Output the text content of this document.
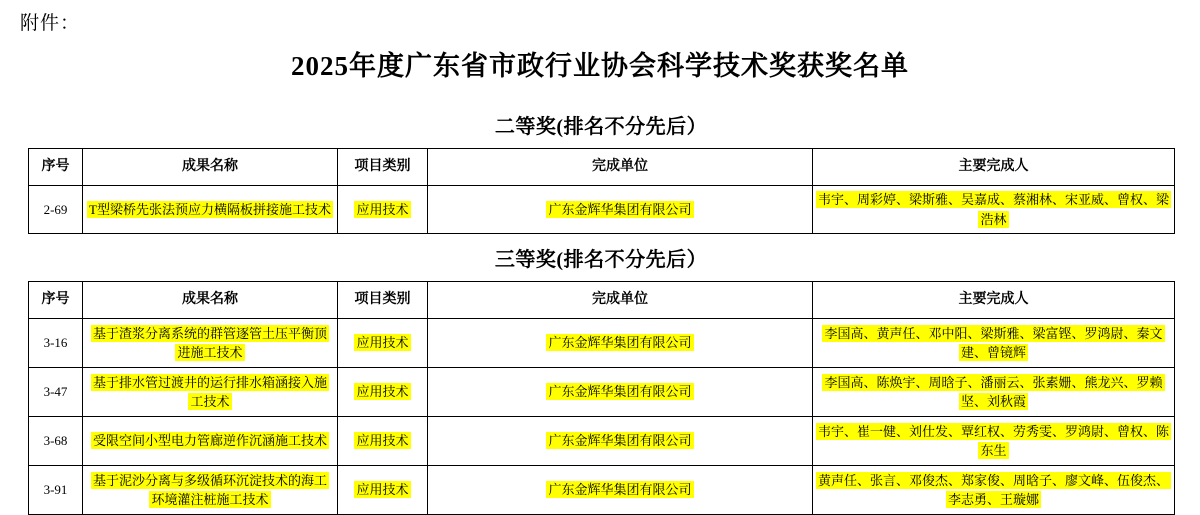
附件：
2025年度广东省市政行业协会科学技术奖获奖名单
二等奖(排名不分先后）
序号	成果名称	项目类别	完成单位	主要完成人
2-69	T型梁桥先张法预应力横隔板拼接施工技术	应用技术	广东金辉华集团有限公司	韦宇、周彩婷、梁斯雅、吴嘉成、蔡湘林、宋亚威、曾权、梁浩林
三等奖(排名不分先后）
序号	成果名称	项目类别	完成单位	主要完成人
3-16	基于渣浆分离系统的群管逐管土压平衡顶进施工技术	应用技术	广东金辉华集团有限公司	李国高、黄声任、邓中阳、梁斯雅、梁富铿、罗鸿尉、秦文建、曾镜辉
3-47	基于排水管过渡井的运行排水箱涵接入施工技术	应用技术	广东金辉华集团有限公司	李国高、陈焕宇、周晗子、潘丽云、张素姗、熊龙兴、罗赖坚、刘秋霞
3-68	受限空间小型电力管廊逆作沉涵施工技术	应用技术	广东金辉华集团有限公司	韦宇、崔一健、刘仕发、覃红权、劳秀雯、罗鸿尉、曾权、陈东生
3-91	基于泥沙分离与多级循环沉淀技术的海工环境灌注桩施工技术	应用技术	广东金辉华集团有限公司	黄声任、张言、邓俊杰、郑家俊、周晗子、廖文峰、伍俊杰、李志勇、王璇娜
